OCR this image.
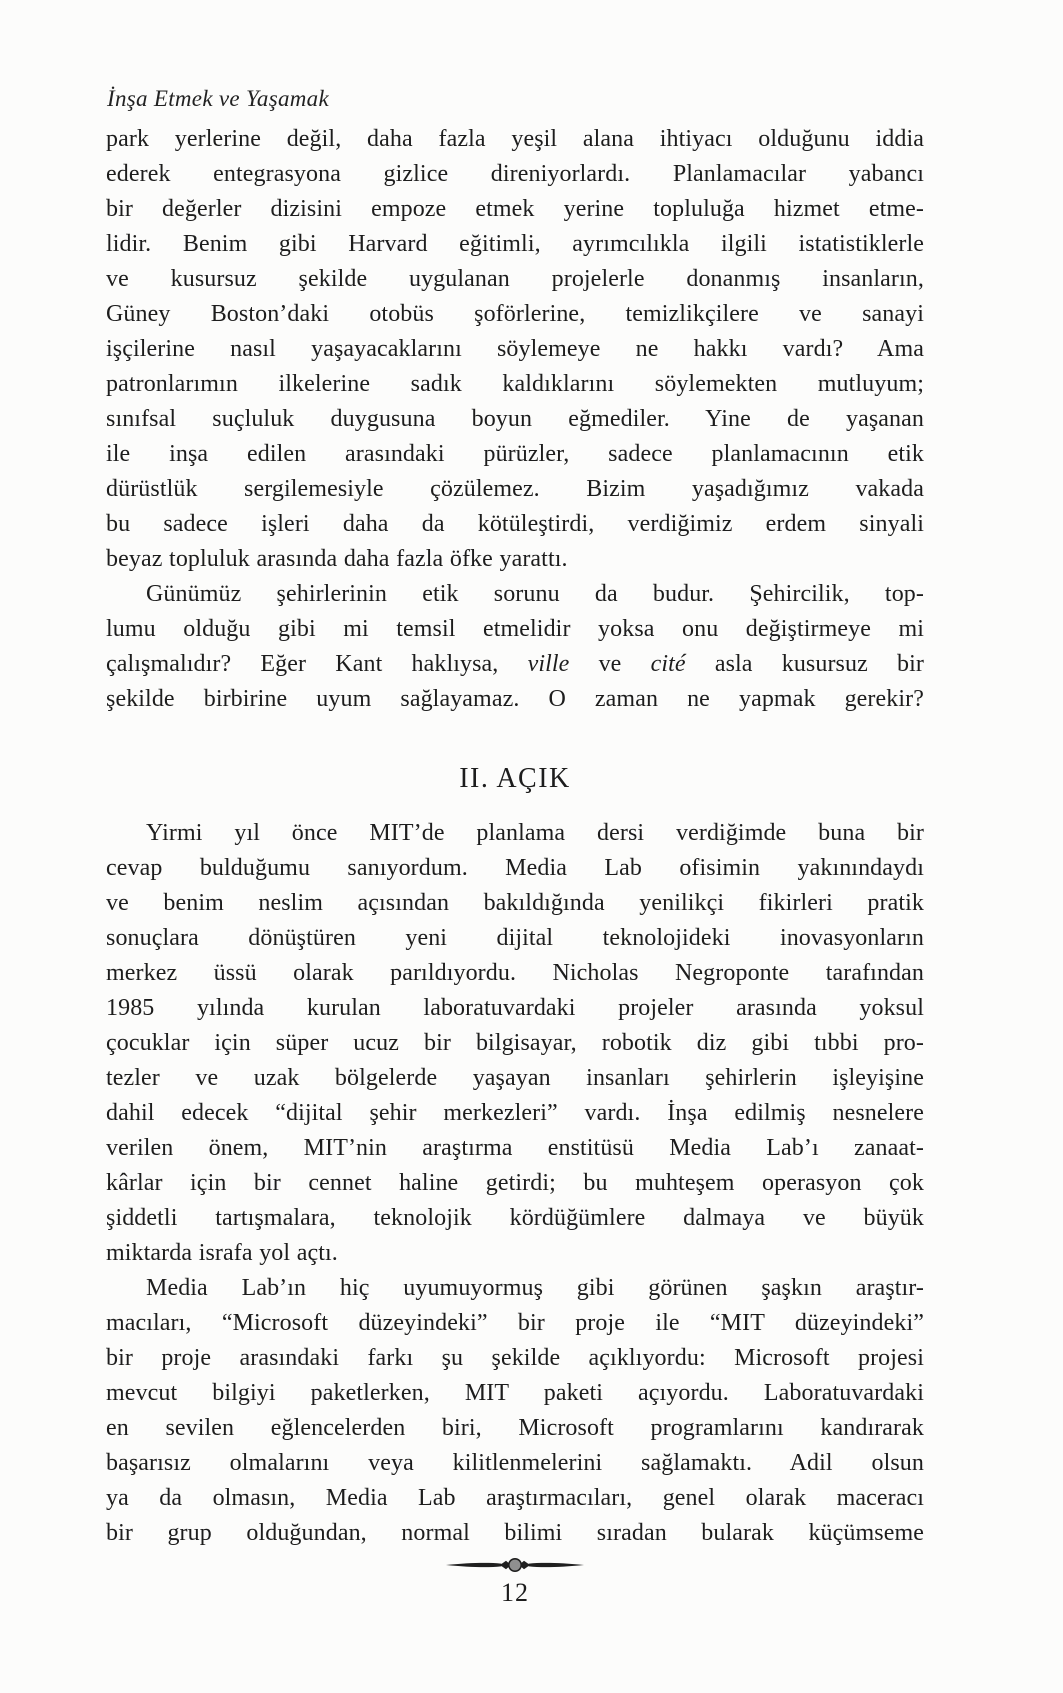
İnşa Etmek ve Yaşamak
park yerlerine değil, daha fazla yeşil alana ihtiyacı olduğunu iddia
ederek entegrasyona gizlice direniyorlardı. Planlamacılar yabancı
bir değerler dizisini empoze etmek yerine topluluğa hizmet etme-
lidir. Benim gibi Harvard eğitimli, ayrımcılıkla ilgili istatistiklerle
ve kusursuz şekilde uygulanan projelerle donanmış insanların,
Güney Boston’daki otobüs şoförlerine, temizlikçilere ve sanayi
işçilerine nasıl yaşayacaklarını söylemeye ne hakkı vardı? Ama
patronlarımın ilkelerine sadık kaldıklarını söylemekten mutluyum;
sınıfsal suçluluk duygusuna boyun eğmediler. Yine de yaşanan
ile inşa edilen arasındaki pürüzler, sadece planlamacının etik
dürüstlük sergilemesiyle çözülemez. Bizim yaşadığımız vakada
bu sadece işleri daha da kötüleştirdi, verdiğimiz erdem sinyali
beyaz topluluk arasında daha fazla öfke yarattı.
Günümüz şehirlerinin etik sorunu da budur. Şehircilik, top-
lumu olduğu gibi mi temsil etmelidir yoksa onu değiştirmeye mi
çalışmalıdır? Eğer Kant haklıysa, ville ve cité asla kusursuz bir
şekilde birbirine uyum sağlayamaz. O zaman ne yapmak gerekir?
II. AÇIK
Yirmi yıl önce MIT’de planlama dersi verdiğimde buna bir
cevap bulduğumu sanıyordum. Media Lab ofisimin yakınındaydı
ve benim neslim açısından bakıldığında yenilikçi fikirleri pratik
sonuçlara dönüştüren yeni dijital teknolojideki inovasyonların
merkez üssü olarak parıldıyordu. Nicholas Negroponte tarafından
1985 yılında kurulan laboratuvardaki projeler arasında yoksul
çocuklar için süper ucuz bir bilgisayar, robotik diz gibi tıbbi pro-
tezler ve uzak bölgelerde yaşayan insanları şehirlerin işleyişine
dahil edecek “dijital şehir merkezleri” vardı. İnşa edilmiş nesnelere
verilen önem, MIT’nin araştırma enstitüsü Media Lab’ı zanaat-
kârlar için bir cennet haline getirdi; bu muhteşem operasyon çok
şiddetli tartışmalara, teknolojik kördüğümlere dalmaya ve büyük
miktarda israfa yol açtı.
Media Lab’ın hiç uyumuyormuş gibi görünen şaşkın araştır-
macıları, “Microsoft düzeyindeki” bir proje ile “MIT düzeyindeki”
bir proje arasındaki farkı şu şekilde açıklıyordu: Microsoft projesi
mevcut bilgiyi paketlerken, MIT paketi açıyordu. Laboratuvardaki
en sevilen eğlencelerden biri, Microsoft programlarını kandırarak
başarısız olmalarını veya kilitlenmelerini sağlamaktı. Adil olsun
ya da olmasın, Media Lab araştırmacıları, genel olarak maceracı
bir grup olduğundan, normal bilimi sıradan bularak küçümseme
12
